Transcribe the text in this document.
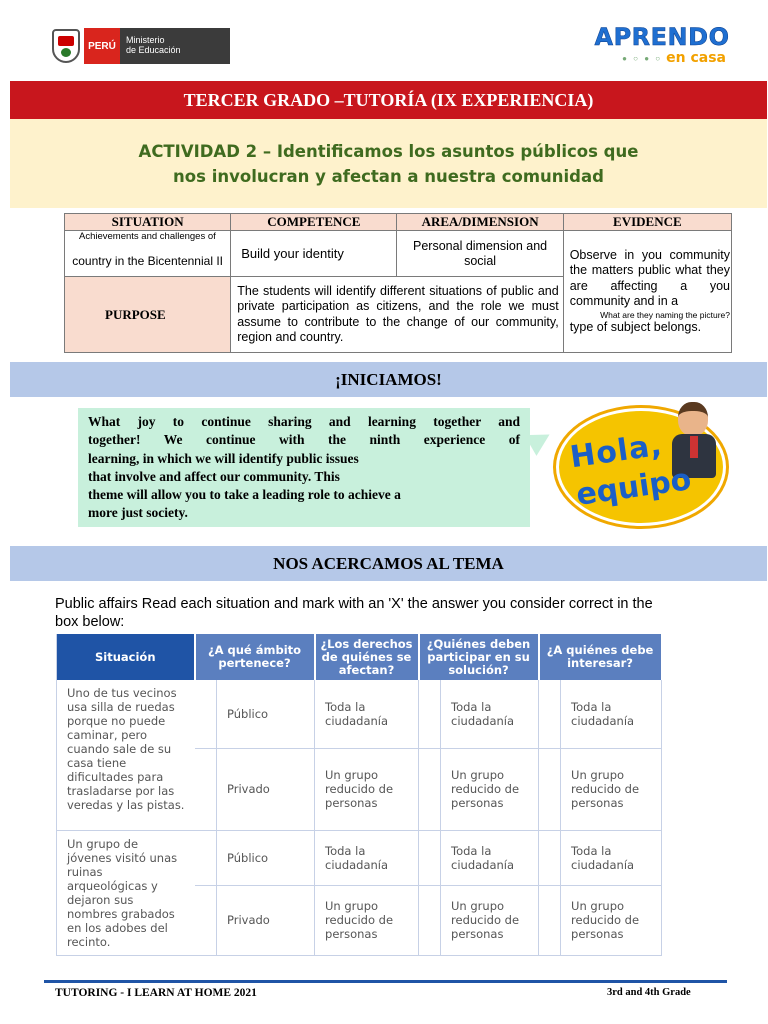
PERÚ
Ministerio
de Educación	APRENDO
● ○ ● ○ en casa
TERCER GRADO –TUTORÍA (IX EXPERIENCIA)
ACTIVIDAD 2 – Identificamos los asuntos públicos que nos involucran y afectan a nuestra comunidad
SITUATION	COMPETENCE	AREA/DIMENSION	EVIDENCE

Achievements and challenges of
country in the Bicentennial II	Build your identity	Personal dimension and social	Observe in you community the matters public what they are affecting a you community and in a
What are they naming the picture?
type of subject belongs.
PURPOSE	The students will identify different situations of public and private participation as citizens, and the role we must assume to contribute to the change of our community, region and country.		
¡INICIAMOS!
What joy to continue sharing and learning together and
together! We continue with the ninth experience of
learning, in which we will identify public issues
that involve and affect our community. This
theme will allow you to take a leading role to achieve a
more just society.
Hola,
equipo
NOS ACERCAMOS AL TEMA
Public affairs Read each situation and mark with an 'X' the answer you consider correct in the box below:
Situación	¿A qué ámbito pertenece?		¿Los derechos de quiénes se afectan?	¿Quiénes deben participar en su solución?		¿A quiénes debe interesar?	
Uno de tus vecinos usa silla de ruedas porque no puede caminar, pero cuando sale de su casa tiene dificultades para trasladarse por las veredas y las pistas.		Público	Toda la ciudadanía		Toda la ciudadanía		Toda la ciudadanía
		Privado	Un grupo reducido de personas		Un grupo reducido de personas		Un grupo reducido de personas
Un grupo de jóvenes visitó unas ruinas arqueológicas y dejaron sus nombres grabados en los adobes del recinto.		Público	Toda la ciudadanía		Toda la ciudadanía		Toda la ciudadanía
		Privado	Un grupo reducido de personas		Un grupo reducido de personas		Un grupo reducido de personas
TUTORING - I LEARN AT HOME 2021	3rd and 4th Grade
